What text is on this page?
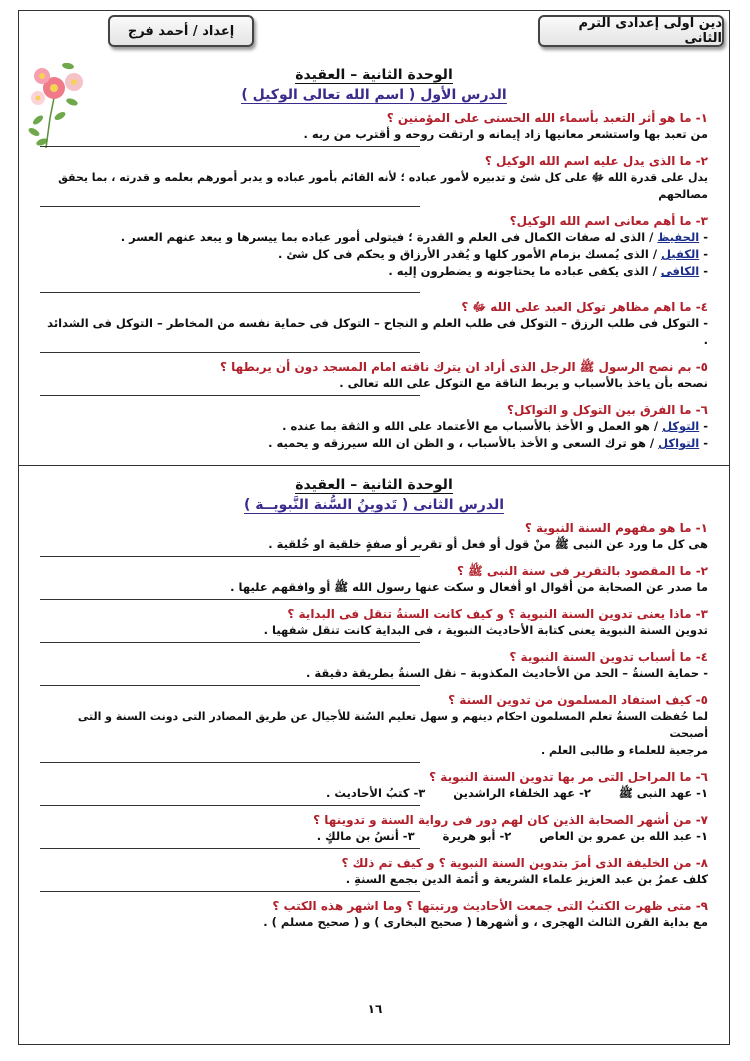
دين اولى إعدادى الترم الثانى
إعداد / أحمد فرج

الوحدة الثانية – العقيدة

الدرس الأول ( اسم الله تعالى الوكيل )

١- ما هو أثر التعبد بأسماء الله الحسنى على المؤمنين ؟

من تعبد بها واستشعر معانيها زاد إيمانه و ارتقت روحه و أقترب من ربه .

٢- ما الذى يدل عليه اسم الله الوكيل ؟

يدل على قدرة الله ﷻ على كل شئ و تدبيره لأمور عباده ؛ لأنه القائم بأمور عباده و يدبر أمورهم بعلمه و قدرته ، بما يحقق مصالحهم

٣- ما أهم معانى اسم الله الوكيل؟

- الحفيظ / الذى له صفات الكمال فى العلم و القدرة ؛ فيتولى أمور عباده بما ييسرها و يبعد عنهم العسر .

- الكفيل / الذى يُمسك بزمام الأمور كلها و يُقدر الأرزاق و يحكم فى كل شئ .

- الكافى / الذى يكفى عباده ما يحتاجونه و يضطرون إليه .

٤- ما اهم مظاهر توكل العبد على الله ﷻ ؟

- التوكل فى طلب الرزق – التوكل فى طلب العلم و النجاح – التوكل فى حماية نفسه من المخاطر – التوكل فى الشدائد .

٥- بم نصح الرسول ﷺ الرجل الذى أراد ان يترك ناقته امام المسجد دون أن يربطها ؟

نصحه بأن ياخذ بالأسباب و يربط الناقة مع التوكل على الله تعالى .

٦- ما الفرق بين التوكل و التواكل؟

- التوكل / هو العمل و الأخذ بالأسباب مع الأعتماد على الله و الثقة بما عنده .

- التواكل / هو ترك السعى و الأخذ بالأسباب ، و الظن ان الله سيرزقه و يحميه .

الوحدة الثانية – العقيدة

الدرس الثانى ( تَدوينُ السُّنة النَّبويــة )

١- ما هو مفهوم السنة النبوية ؟

هى كل ما ورد عن النبى ﷺ منْ قول أو فعل أو تقرير أو صفةٍ خلقية او خُلقية .

٢- ما المقصود بالتقرير فى سنة النبى ﷺ ؟

ما صدر عن الصحابة من أقوال او أفعال و سكت عنها رسول الله ﷺ أو وافقهم عليها .

٣- ماذا يعنى تدوين السنة النبوية ؟ و كيف كانت السنةُ تنقل فى البداية ؟

تدوين السنة النبوية يعنى كتابة الأحاديث النبوية ، فى البداية كانت تنقل شفهيا .

٤- ما أسباب تدوين السنة النبوية ؟

- حماية السنةُ – الحد من الأحاديث المكذوبة – نقل السنةُ بطريقة دقيقة .

٥- كيف استفاد المسلمون من تدوين السنة ؟

لما حُفظت السنةُ تعلم المسلمون احكام دينهم و سهل تعليم السُنة للأجيال عن طريق المصادر التى دونت السنة و التى أصبحت

مرجعية للعلماء و طالبى العلم .

٦- ما المراحل التى مر بها تدوين السنة النبوية ؟

١- عهد النبى ﷺ
٢- عهد الخلفاء الراشدين
٣- كتبُ الأحاديث .

٧- من أشهر الصحابة الذين كان لهم دور فى رواية السنة و تدوينها ؟

١- عبد الله بن عمرو بن العاص
٢- أبو هريرة
٣- أنسُ بن مالكٍ .

٨- من الخليفة الذى أمرَ بتدوين السنة النبوية ؟ و كيف تم ذلك ؟

كلف عمرُ بن عبد العزيز علماء الشريعة و أئمة الدين بجمع السنةِ .

٩- متى ظهرت الكتبُ التى جمعت الأحاديث ورتبتها ؟ وما اشهر هذه الكتب ؟

مع بداية القرن الثالث الهجرى ، و أشهرها ( صحيح البخارى ) و ( صحيح مسلم ) .

١٦
